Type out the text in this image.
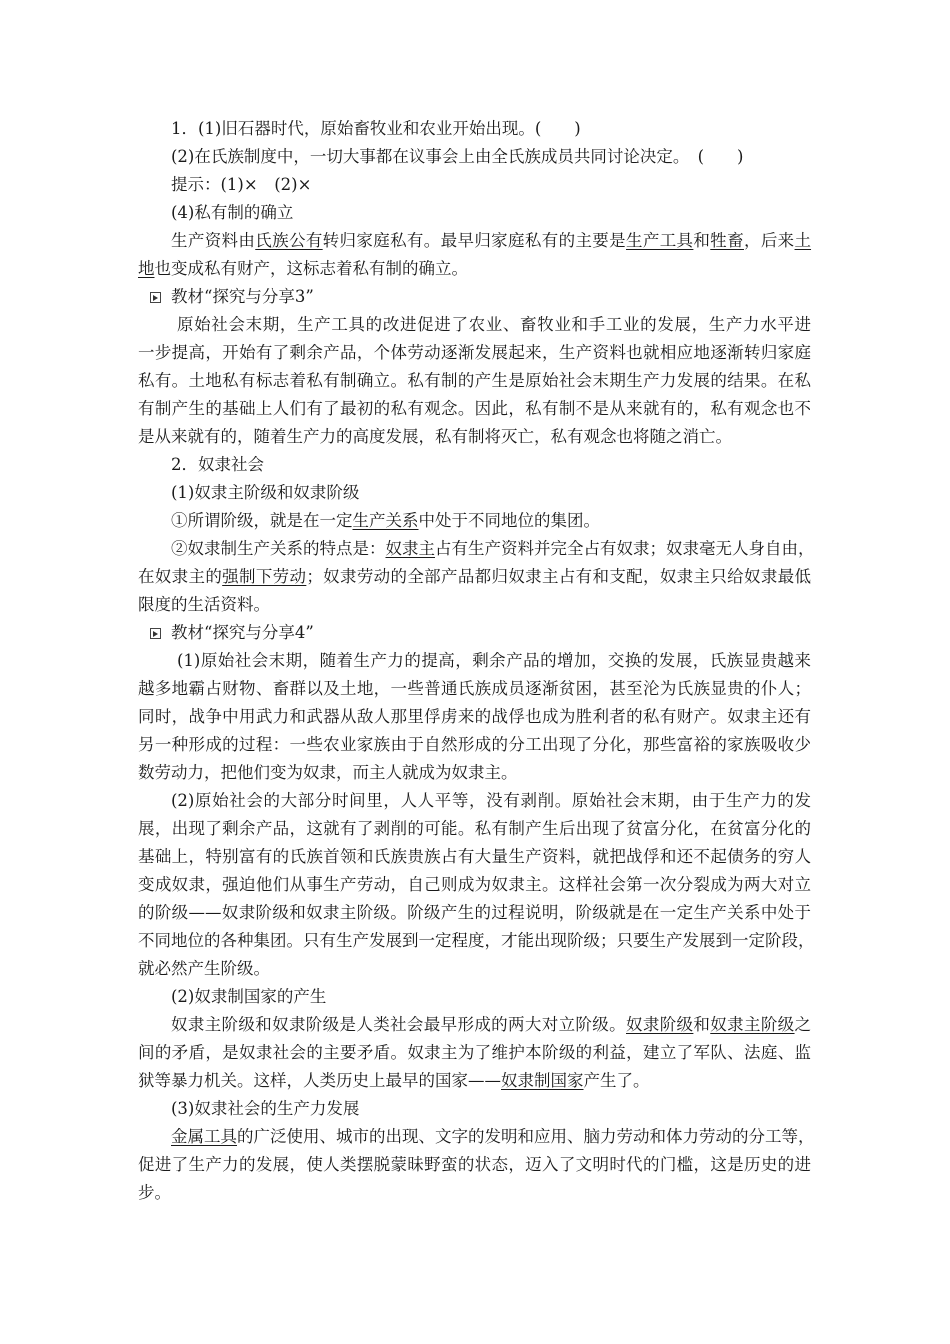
1．(1)旧石器时代，原始畜牧业和农业开始出现。(　　)
(2)在氏族制度中，一切大事都在议事会上由全氏族成员共同讨论决定。　(　　)
提示：(1)×　(2)×
(4)私有制的确立
生产资料由氏族公有转归家庭私有。最早归家庭私有的主要是生产工具和牲畜，后来土
地也变成私有财产，这标志着私有制的确立。
教材“探究与分享3”
原始社会末期，生产工具的改进促进了农业、畜牧业和手工业的发展，生产力水平进
一步提高，开始有了剩余产品，个体劳动逐渐发展起来，生产资料也就相应地逐渐转归家庭
私有。土地私有标志着私有制确立。私有制的产生是原始社会末期生产力发展的结果。在私
有制产生的基础上人们有了最初的私有观念。因此，私有制不是从来就有的，私有观念也不
是从来就有的，随着生产力的高度发展，私有制将灭亡，私有观念也将随之消亡。
2．奴隶社会
(1)奴隶主阶级和奴隶阶级
①所谓阶级，就是在一定生产关系中处于不同地位的集团。
②奴隶制生产关系的特点是：奴隶主占有生产资料并完全占有奴隶；奴隶毫无人身自由，
在奴隶主的强制下劳动；奴隶劳动的全部产品都归奴隶主占有和支配，奴隶主只给奴隶最低
限度的生活资料。
教材“探究与分享4”
(1)原始社会末期，随着生产力的提高，剩余产品的增加，交换的发展，氏族显贵越来
越多地霸占财物、畜群以及土地，一些普通氏族成员逐渐贫困，甚至沦为氏族显贵的仆人；
同时，战争中用武力和武器从敌人那里俘虏来的战俘也成为胜利者的私有财产。奴隶主还有
另一种形成的过程：一些农业家族由于自然形成的分工出现了分化，那些富裕的家族吸收少
数劳动力，把他们变为奴隶，而主人就成为奴隶主。
(2)原始社会的大部分时间里，人人平等，没有剥削。原始社会末期，由于生产力的发
展，出现了剩余产品，这就有了剥削的可能。私有制产生后出现了贫富分化，在贫富分化的
基础上，特别富有的氏族首领和氏族贵族占有大量生产资料，就把战俘和还不起债务的穷人
变成奴隶，强迫他们从事生产劳动，自己则成为奴隶主。这样社会第一次分裂成为两大对立
的阶级——奴隶阶级和奴隶主阶级。阶级产生的过程说明，阶级就是在一定生产关系中处于
不同地位的各种集团。只有生产发展到一定程度，才能出现阶级；只要生产发展到一定阶段，
就必然产生阶级。
(2)奴隶制国家的产生
奴隶主阶级和奴隶阶级是人类社会最早形成的两大对立阶级。奴隶阶级和奴隶主阶级之
间的矛盾，是奴隶社会的主要矛盾。奴隶主为了维护本阶级的利益，建立了军队、法庭、监
狱等暴力机关。这样，人类历史上最早的国家——奴隶制国家产生了。
(3)奴隶社会的生产力发展
金属工具的广泛使用、城市的出现、文字的发明和应用、脑力劳动和体力劳动的分工等，
促进了生产力的发展，使人类摆脱蒙昧野蛮的状态，迈入了文明时代的门槛，这是历史的进
步。
